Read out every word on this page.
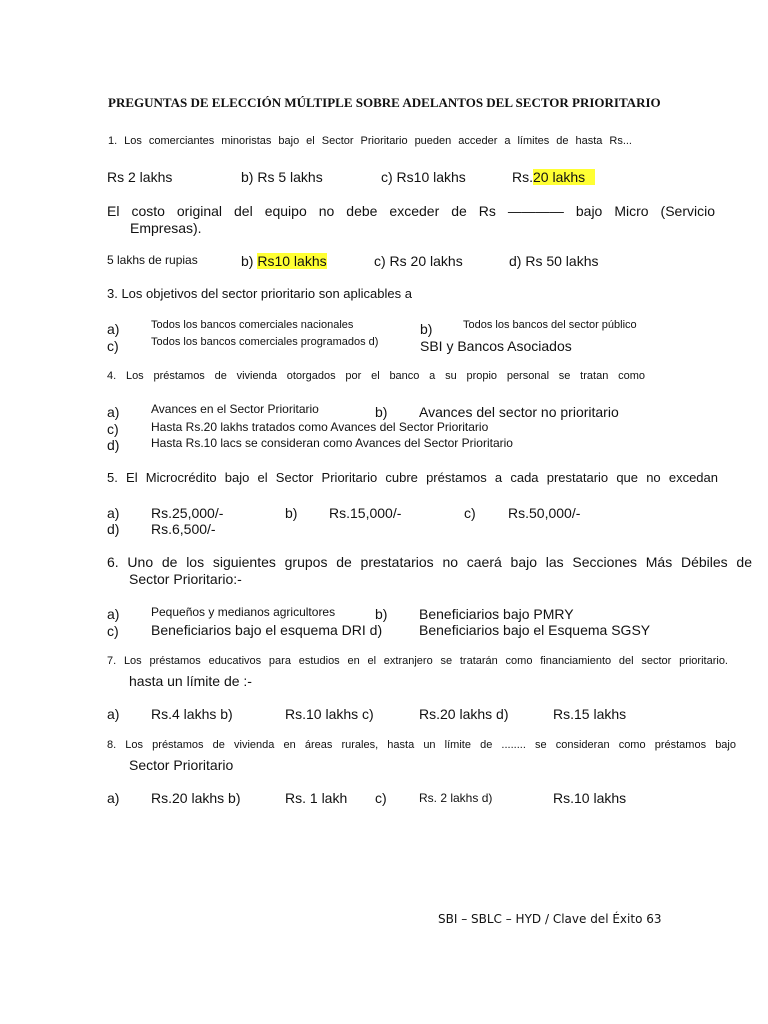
PREGUNTAS DE ELECCIÓN MÚLTIPLE SOBRE ADELANTOS DEL SECTOR PRIORITARIO

1. Los comerciantes minoristas bajo el Sector Prioritario pueden acceder a límites de hasta Rs...

Rs 2 lakhs	b) Rs 5 lakhs	c) Rs10 lakhs	Rs.20 lakhs

El costo original del equipo no debe exceder de Rs ———— bajo Micro (Servicio

Empresas).

5 lakhs de rupias	b) Rs10 lakhs	c) Rs 20 lakhs	d) Rs 50 lakhs

3. Los objetivos del sector prioritario son aplicables a

a)	Todos los bancos comerciales nacionales	b)	Todos los bancos del sector público
c)	Todos los bancos comerciales programados d)	SBI y Bancos Asociados

4. Los préstamos de vivienda otorgados por el banco a su propio personal se tratan como

a)	Avances en el Sector Prioritario	b) Avances del sector no prioritario
c)	Hasta Rs.20 lakhs tratados como Avances del Sector Prioritario
d)	Hasta Rs.10 lacs se consideran como Avances del Sector Prioritario

5. El Microcrédito bajo el Sector Prioritario cubre préstamos a cada prestatario que no excedan

a) Rs.25,000/-	b) Rs.15,000/-	c) Rs.50,000/-
d) Rs.6,500/-

6. Uno de los siguientes grupos de prestatarios no caerá bajo las Secciones Más Débiles de

Sector Prioritario:-

a)	Pequeños y medianos agricultores	b) Beneficiarios bajo PMRY
c) Beneficiarios bajo el esquema DRI d)	Beneficiarios bajo el Esquema SGSY

7. Los préstamos educativos para estudios en el extranjero se tratarán como financiamiento del sector prioritario.

hasta un límite de :-

a) Rs.4 lakhs b)	Rs.10 lakhs c)	Rs.20 lakhs d)	Rs.15 lakhs

8. Los préstamos de vivienda en áreas rurales, hasta un límite de ........ se consideran como préstamos bajo

Sector Prioritario

a) Rs.20 lakhs b)	Rs. 1 lakh c)	Rs. 2 lakhs d)	Rs.10 lakhs

SBI – SBLC – HYD / Clave del Éxito 63
